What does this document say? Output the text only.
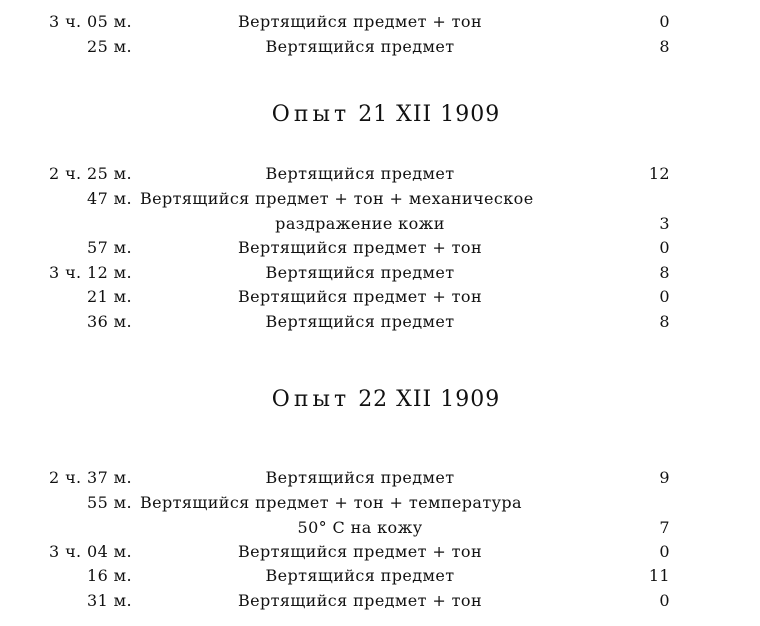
3 ч. 05 м.	Вертящийся предмет + тон	0
25 м.	Вертящийся предмет	8
Опыт 21 XII 1909
2 ч. 25 м.	Вертящийся предмет	12
47 м. Вертящийся предмет + тон + механическое
раздражение кожи	3
57 м.	Вертящийся предмет + тон	0
3 ч. 12 м.	Вертящийся предмет	8
21 м.	Вертящийся предмет + тон	0
36 м.	Вертящийся предмет	8
Опыт 22 XII 1909
2 ч. 37 м.	Вертящийся предмет	9
55 м. Вертящийся предмет + тон + температура
50° С на кожу	7
3 ч. 04 м.	Вертящийся предмет + тон	0
16 м.	Вертящийся предмет	11
31 м.	Вертящийся предмет + тон	0
